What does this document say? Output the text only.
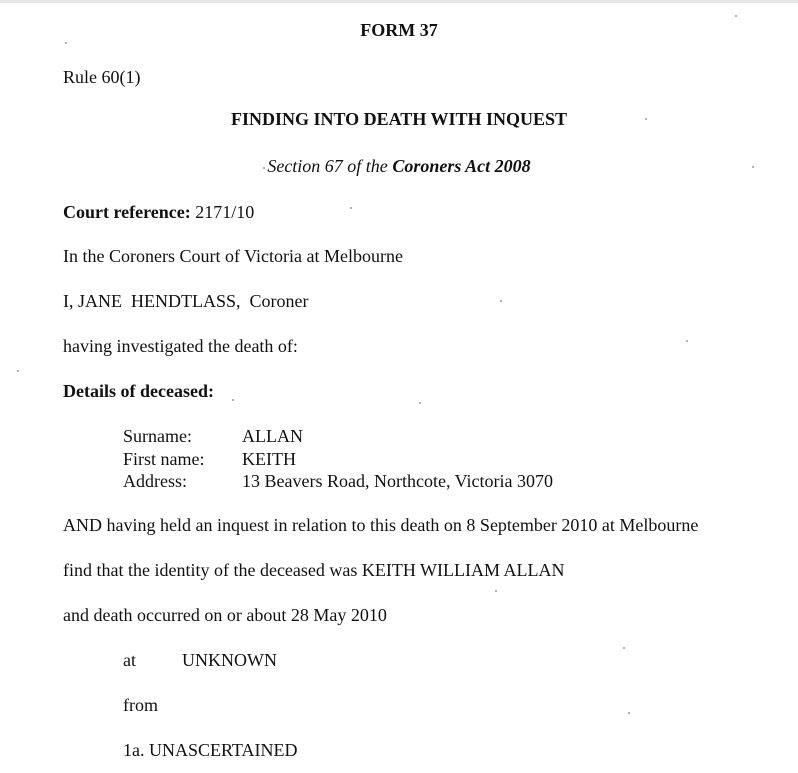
FORM 37
Rule 60(1)
FINDING INTO DEATH WITH INQUEST
Section 67 of the Coroners Act 2008
Court reference: 2171/10
In the Coroners Court of Victoria at Melbourne
I, JANE  HENDTLASS,  Coroner
having investigated the death of:
Details of deceased:
Surname:	ALLAN
First name: KEITH
Address:	13 Beavers Road, Northcote, Victoria 3070
AND having held an inquest in relation to this death on 8 September 2010 at Melbourne
find that the identity of the deceased was KEITH WILLIAM ALLAN
and death occurred on or about 28 May 2010
at	UNKNOWN
from
1a. UNASCERTAINED
